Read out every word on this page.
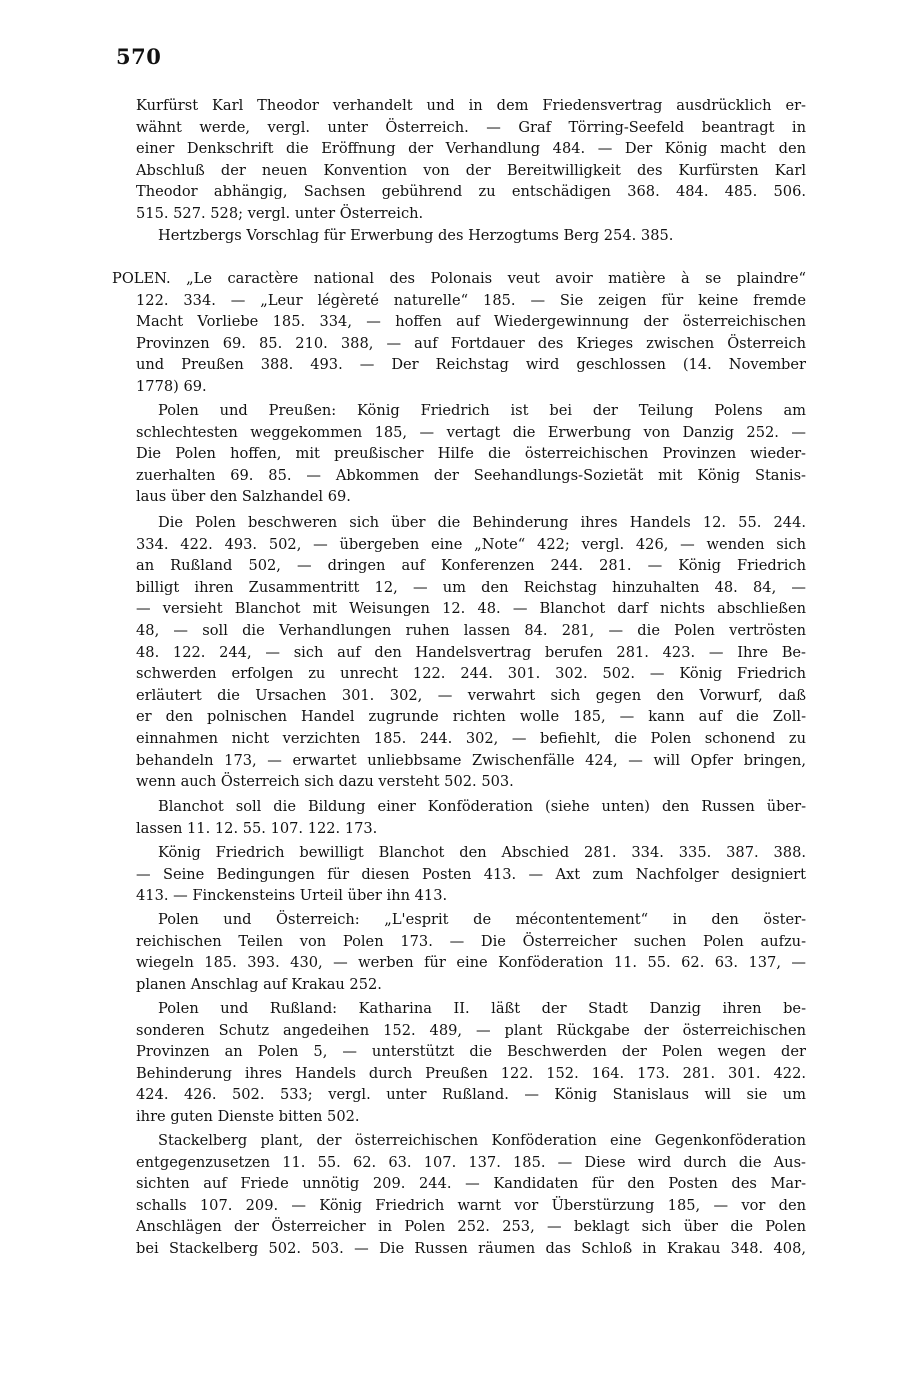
570
Kurfürst Karl Theodor verhandelt und in dem Friedensvertrag ausdrücklich er-
wähnt werde, vergl. unter Österreich. — Graf Törring-Seefeld beantragt in
einer Denkschrift die Eröffnung der Verhandlung 484. — Der König macht den
Abschluß der neuen Konvention von der Bereitwilligkeit des Kurfürsten Karl
Theodor abhängig, Sachsen gebührend zu entschädigen 368. 484. 485. 506.
515. 527. 528; vergl. unter Österreich.
Hertzbergs Vorschlag für Erwerbung des Herzogtums Berg 254. 385.
POLEN. „Le caractère national des Polonais veut avoir matière à se plaindre“
122. 334. — „Leur légèreté naturelle“ 185. — Sie zeigen für keine fremde
Macht Vorliebe 185. 334, — hoffen auf Wiedergewinnung der österreichischen
Provinzen 69. 85. 210. 388, — auf Fortdauer des Krieges zwischen Österreich
und Preußen 388. 493. — Der Reichstag wird geschlossen (14. November
1778) 69.
Polen und Preußen: König Friedrich ist bei der Teilung Polens am
schlechtesten weggekommen 185, — vertagt die Erwerbung von Danzig 252. —
Die Polen hoffen, mit preußischer Hilfe die österreichischen Provinzen wieder-
zuerhalten 69. 85. — Abkommen der Seehandlungs-Sozietät mit König Stanis-
laus über den Salzhandel 69.
Die Polen beschweren sich über die Behinderung ihres Handels 12. 55. 244.
334. 422. 493. 502, — übergeben eine „Note“ 422; vergl. 426, — wenden sich
an Rußland 502, — dringen auf Konferenzen 244. 281. — König Friedrich
billigt ihren Zusammentritt 12, — um den Reichstag hinzuhalten 48. 84, —
— versieht Blanchot mit Weisungen 12. 48. — Blanchot darf nichts abschließen
48, — soll die Verhandlungen ruhen lassen 84. 281, — die Polen vertrösten
48. 122. 244, — sich auf den Handelsvertrag berufen 281. 423. — Ihre Be-
schwerden erfolgen zu unrecht 122. 244. 301. 302. 502. — König Friedrich
erläutert die Ursachen 301. 302, — verwahrt sich gegen den Vorwurf, daß
er den polnischen Handel zugrunde richten wolle 185, — kann auf die Zoll-
einnahmen nicht verzichten 185. 244. 302, — befiehlt, die Polen schonend zu
behandeln 173, — erwartet unliebbsame Zwischenfälle 424, — will Opfer bringen,
wenn auch Österreich sich dazu versteht 502. 503.
Blanchot soll die Bildung einer Konföderation (siehe unten) den Russen über-
lassen 11. 12. 55. 107. 122. 173.
König Friedrich bewilligt Blanchot den Abschied 281. 334. 335. 387. 388.
— Seine Bedingungen für diesen Posten 413. — Axt zum Nachfolger designiert
413. — Finckensteins Urteil über ihn 413.
Polen und Österreich: „L'esprit de mécontentement“ in den öster-
reichischen Teilen von Polen 173. — Die Österreicher suchen Polen aufzu-
wiegeln 185. 393. 430, — werben für eine Konföderation 11. 55. 62. 63. 137, —
planen Anschlag auf Krakau 252.
Polen und Rußland: Katharina II. läßt der Stadt Danzig ihren be-
sonderen Schutz angedeihen 152. 489, — plant Rückgabe der österreichischen
Provinzen an Polen 5, — unterstützt die Beschwerden der Polen wegen der
Behinderung ihres Handels durch Preußen 122. 152. 164. 173. 281. 301. 422.
424. 426. 502. 533; vergl. unter Rußland. — König Stanislaus will sie um
ihre guten Dienste bitten 502.
Stackelberg plant, der österreichischen Konföderation eine Gegenkonföderation
entgegenzusetzen 11. 55. 62. 63. 107. 137. 185. — Diese wird durch die Aus-
sichten auf Friede unnötig 209. 244. — Kandidaten für den Posten des Mar-
schalls 107. 209. — König Friedrich warnt vor Überstürzung 185, — vor den
Anschlägen der Österreicher in Polen 252. 253, — beklagt sich über die Polen
bei Stackelberg 502. 503. — Die Russen räumen das Schloß in Krakau 348. 408,
